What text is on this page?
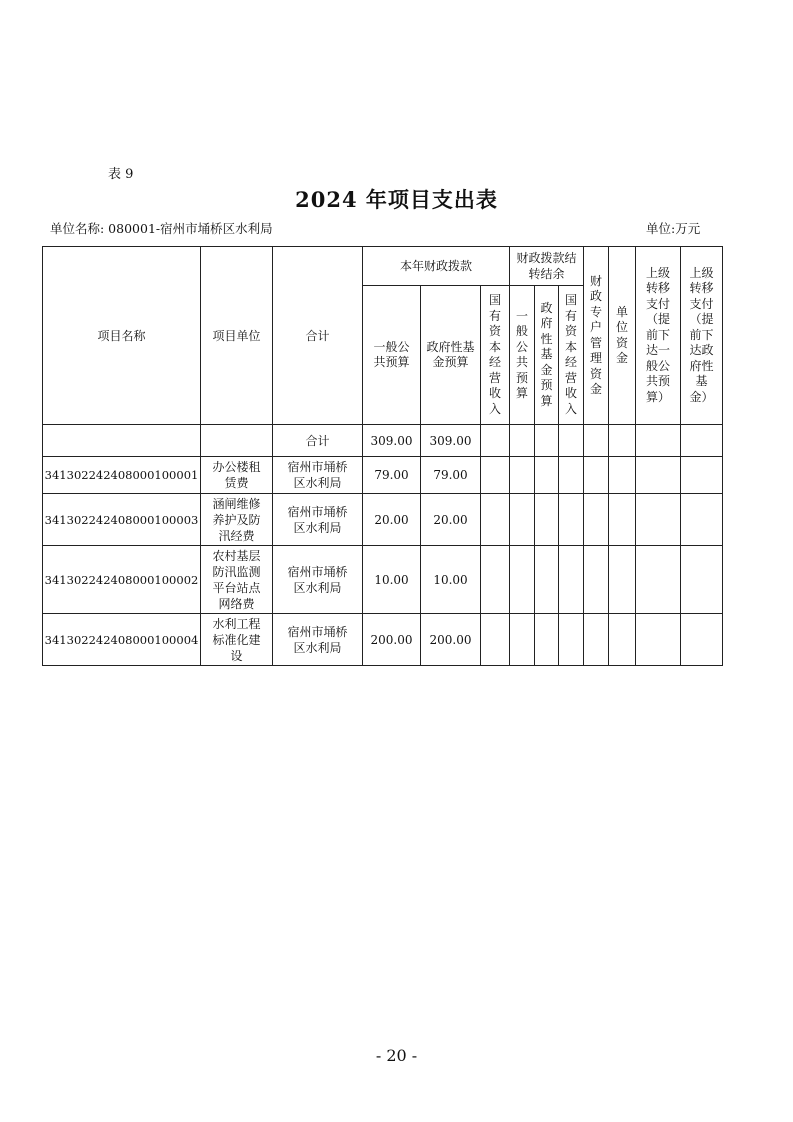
表 9
2024 年项目支出表
单位名称: 080001-宿州市埇桥区水利局	单位:万元
项目名称	项目单位	合计	本年财政拨款			财政拨款结转结余			财政专户管理资金	单位资金	上级转移支付（提前下达一般公共预算）	上级转移支付（提前下达政府性基金）

			一般公共预算	政府性基金预算	国有资本经营收入	一般公共预算	政府性基金预算	国有资本经营收入				

		合计	309.00	309.00								
341302242408000100001	办公楼租赁费	宿州市埇桥区水利局	79.00	79.00								
341302242408000100003	涵闸维修养护及防汛经费	宿州市埇桥区水利局	20.00	20.00								
341302242408000100002	农村基层防汛监测平台站点网络费	宿州市埇桥区水利局	10.00	10.00								
341302242408000100004	水利工程标准化建设	宿州市埇桥区水利局	200.00	200.00								
- 20 -
